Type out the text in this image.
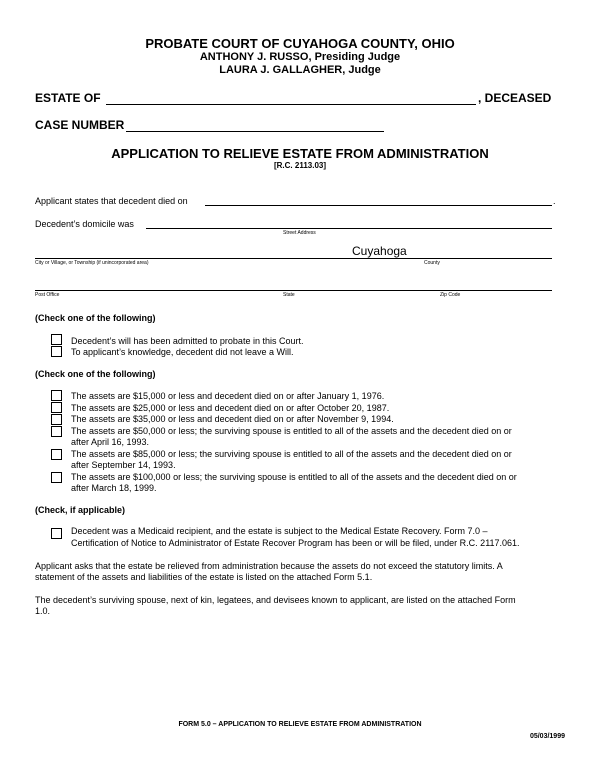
PROBATE COURT OF CUYAHOGA COUNTY, OHIO
ANTHONY J. RUSSO, Presiding Judge
LAURA J. GALLAGHER, Judge
ESTATE OF	, DECEASED
CASE NUMBER
APPLICATION TO RELIEVE ESTATE FROM ADMINISTRATION
[R.C. 2113.03]
Applicant states that decedent died on	.
Decedent’s domicile was
Street Address
Cuyahoga
City or Village, or Township (if unincorporated area)	County
Post Office	State	Zip Code
(Check one of the following)
Decedent’s will has been admitted to probate in this Court.
To applicant’s knowledge, decedent did not leave a Will.
(Check one of the following)
The assets are $15,000 or less and decedent died on or after January 1, 1976.
The assets are $25,000 or less and decedent died on or after October 20, 1987.
The assets are $35,000 or less and decedent died on or after November 9, 1994.
The assets are $50,000 or less; the surviving spouse is entitled to all of the assets and the decedent died on or
after April 16, 1993.
The assets are $85,000 or less; the surviving spouse is entitled to all of the assets and the decedent died on or
after September 14, 1993.
The assets are $100,000 or less; the surviving spouse is entitled to all of the assets and the decedent died on or
after March 18, 1999.
(Check, if applicable)
Decedent was a Medicaid recipient, and the estate is subject to the Medical Estate Recovery. Form 7.0 –
Certification of Notice to Administrator of Estate Recover Program has been or will be filed, under R.C. 2117.061.
Applicant asks that the estate be relieved from administration because the assets do not exceed the statutory limits. A
statement of the assets and liabilities of the estate is listed on the attached Form 5.1.
The decedent’s surviving spouse, next of kin, legatees, and devisees known to applicant, are listed on the attached Form
1.0.
FORM 5.0 – APPLICATION TO RELIEVE ESTATE FROM ADMINISTRATION
05/03/1999
